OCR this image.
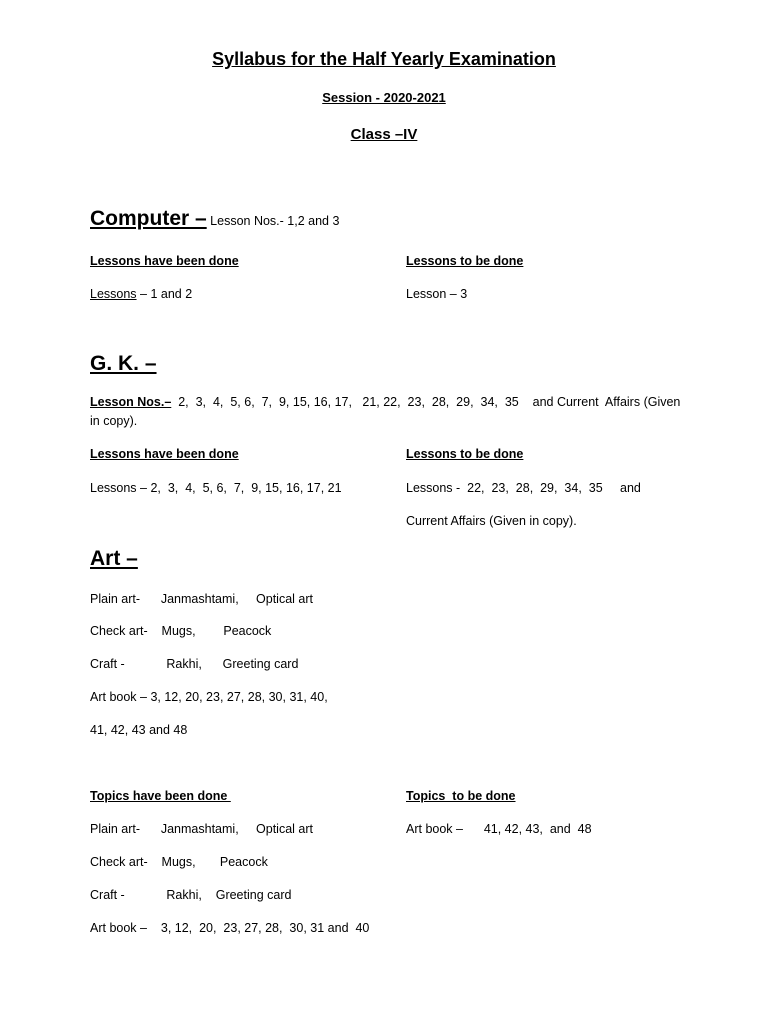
Syllabus for the Half Yearly Examination
Session - 2020-2021
Class –IV
Computer – Lesson Nos.- 1,2 and 3
Lessons have been done	Lessons to be done
Lessons – 1 and 2	Lesson – 3
G. K. –
Lesson Nos.–  2,  3,  4,  5, 6,  7,  9, 15, 16, 17,   21, 22,  23,  28,  29,  34,  35    and Current  Affairs (Given
in copy).
Lessons have been done	Lessons to be done
Lessons – 2,  3,  4,  5, 6,  7,  9, 15, 16, 17, 21	Lessons -  22,  23,  28,  29,  34,  35     and
Current Affairs (Given in copy).
Art –
Plain art-      Janmashtami,     Optical art
Check art-    Mugs,        Peacock
Craft -            Rakhi,      Greeting card
Art book – 3, 12, 20, 23, 27, 28, 30, 31, 40,
41, 42, 43 and 48
Topics have been done	Topics  to be done
Plain art-      Janmashtami,     Optical art	Art book –      41, 42, 43,  and  48
Check art-    Mugs,       Peacock
Craft -            Rakhi,    Greeting card
Art book –    3, 12,  20,  23, 27, 28,  30, 31 and  40
